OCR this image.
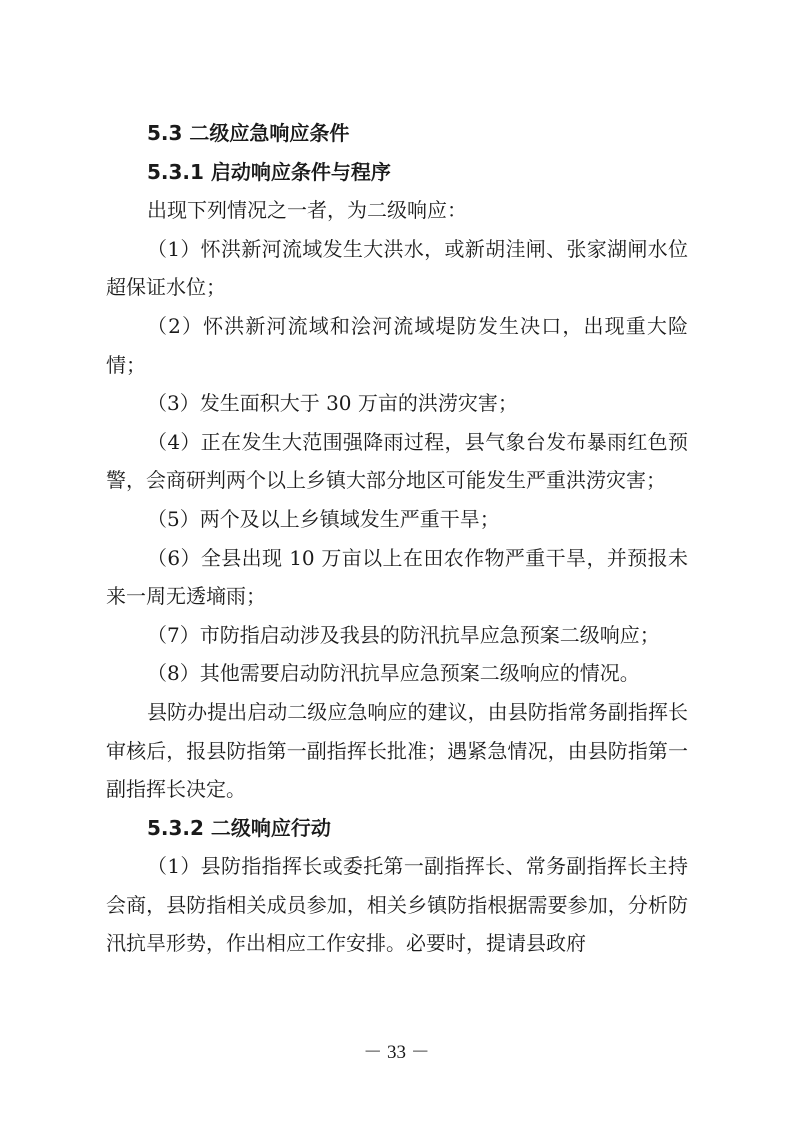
5.3 二级应急响应条件

5.3.1 启动响应条件与程序

出现下列情况之一者，为二级响应：

（1）怀洪新河流域发生大洪水，或新胡洼闸、张家湖闸水位超保证水位；

（2）怀洪新河流域和浍河流域堤防发生决口，出现重大险情；

（3）发生面积大于 30 万亩的洪涝灾害；

（4）正在发生大范围强降雨过程，县气象台发布暴雨红色预警，会商研判两个以上乡镇大部分地区可能发生严重洪涝灾害；

（5）两个及以上乡镇域发生严重干旱；

（6）全县出现 10 万亩以上在田农作物严重干旱，并预报未来一周无透墒雨；

（7）市防指启动涉及我县的防汛抗旱应急预案二级响应；

（8）其他需要启动防汛抗旱应急预案二级响应的情况。

县防办提出启动二级应急响应的建议，由县防指常务副指挥长审核后，报县防指第一副指挥长批准；遇紧急情况，由县防指第一副指挥长决定。

5.3.2 二级响应行动

（1）县防指指挥长或委托第一副指挥长、常务副指挥长主持会商，县防指相关成员参加，相关乡镇防指根据需要参加，分析防汛抗旱形势，作出相应工作安排。必要时，提请县政府

－ 33 －
